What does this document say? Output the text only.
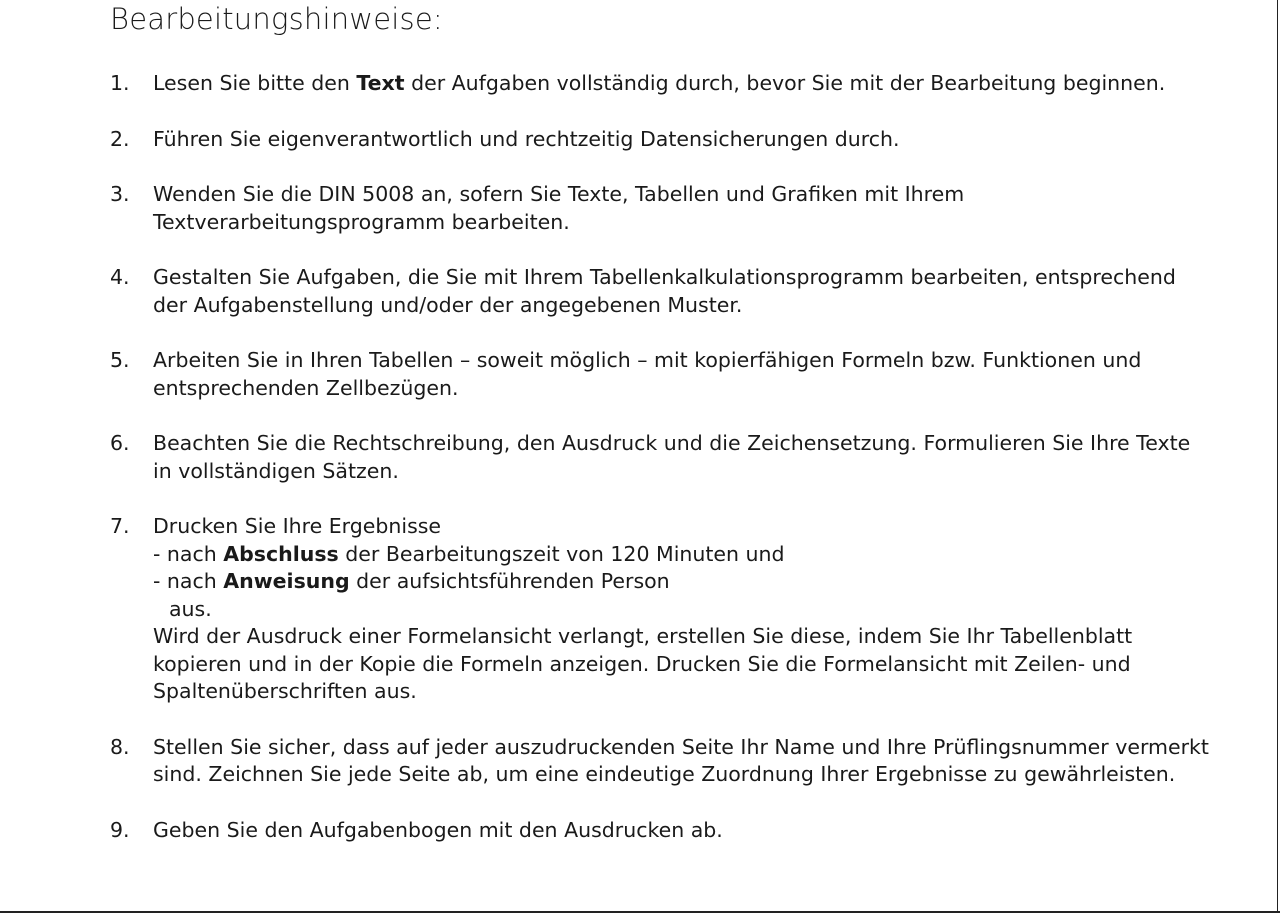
Bearbeitungshinweise:
1. Lesen Sie bitte den Text der Aufgaben vollständig durch, bevor Sie mit der Bearbeitung beginnen.
2. Führen Sie eigenverantwortlich und rechtzeitig Datensicherungen durch.
3. Wenden Sie die DIN 5008 an, sofern Sie Texte, Tabellen und Grafiken mit Ihrem
Textverarbeitungsprogramm bearbeiten.
4. Gestalten Sie Aufgaben, die Sie mit Ihrem Tabellenkalkulationsprogramm bearbeiten, entsprechend
der Aufgabenstellung und/oder der angegebenen Muster.
5. Arbeiten Sie in Ihren Tabellen – soweit möglich – mit kopierfähigen Formeln bzw. Funktionen und
entsprechenden Zellbezügen.
6. Beachten Sie die Rechtschreibung, den Ausdruck und die Zeichensetzung. Formulieren Sie Ihre Texte
in vollständigen Sätzen.
7. Drucken Sie Ihre Ergebnisse
- nach Abschluss der Bearbeitungszeit von 120 Minuten und
- nach Anweisung der aufsichtsführenden Person
aus.
Wird der Ausdruck einer Formelansicht verlangt, erstellen Sie diese, indem Sie Ihr Tabellenblatt
kopieren und in der Kopie die Formeln anzeigen. Drucken Sie die Formelansicht mit Zeilen- und
Spaltenüberschriften aus.
8. Stellen Sie sicher, dass auf jeder auszudruckenden Seite Ihr Name und Ihre Prüflingsnummer vermerkt
sind. Zeichnen Sie jede Seite ab, um eine eindeutige Zuordnung Ihrer Ergebnisse zu gewährleisten.
9. Geben Sie den Aufgabenbogen mit den Ausdrucken ab.
